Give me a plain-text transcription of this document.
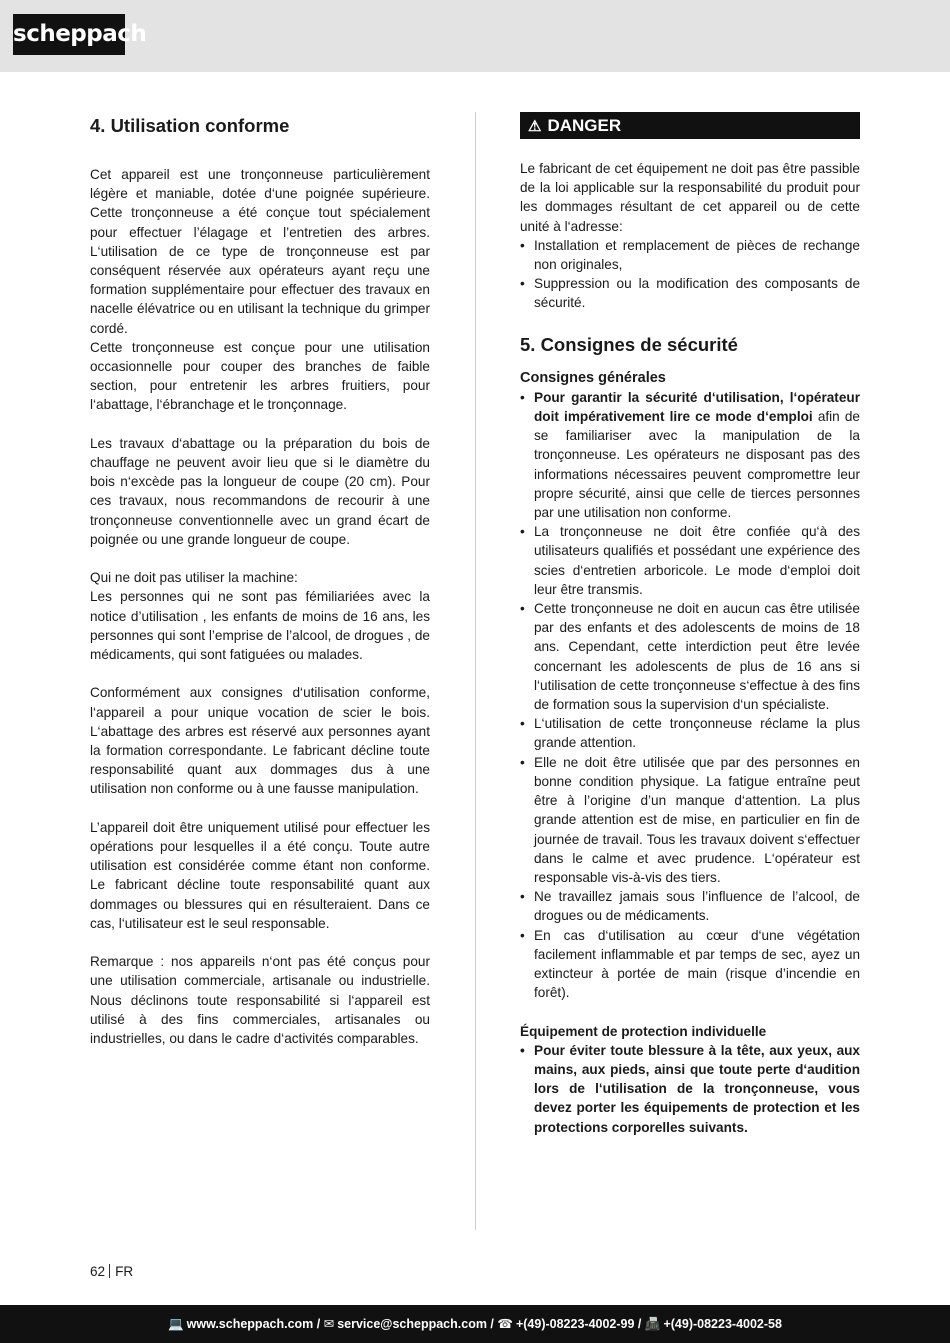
scheppach
4. Utilisation conforme

Cet appareil est une tronçonneuse particulièrement légère et maniable, dotée d‘une poignée supérieure. Cette tronçonneuse a été conçue tout spécialement pour effectuer l’élagage et l’entretien des arbres. L‘utilisation de ce type de tronçonneuse est par conséquent réservée aux opérateurs ayant reçu une formation supplémentaire pour effectuer des travaux en nacelle élévatrice ou en utilisant la technique du grimper cordé.

Cette tronçonneuse est conçue pour une utilisation occasionnelle pour couper des branches de faible section, pour entretenir les arbres fruitiers, pour l‘abattage, l‘ébranchage et le tronçonnage.

Les travaux d‘abattage ou la préparation du bois de chauffage ne peuvent avoir lieu que si le diamètre du bois n‘excède pas la longueur de coupe (20 cm). Pour ces travaux, nous recommandons de recourir à une tronçonneuse conventionnelle avec un grand écart de poignée ou une grande longueur de coupe.

Qui ne doit pas utiliser la machine:

Les personnes qui ne sont pas fémiliariées avec la notice d’utilisation , les enfants de moins de 16 ans, les personnes qui sont l’emprise de l’alcool, de drogues , de médicaments, qui sont fatiguées ou malades.

Conformément aux consignes d‘utilisation conforme, l‘appareil a pour unique vocation de scier le bois. L‘abattage des arbres est réservé aux personnes ayant la formation correspondante. Le fabricant décline toute responsabilité quant aux dommages dus à une utilisation non conforme ou à une fausse manipulation.

L’appareil doit être uniquement utilisé pour effectuer les opérations pour lesquelles il a été conçu. Toute autre utilisation est considérée comme étant non conforme. Le fabricant décline toute responsabilité quant aux dommages ou blessures qui en résulteraient. Dans ce cas, l‘utilisateur est le seul responsable.

Remarque : nos appareils n‘ont pas été conçus pour une utilisation commerciale, artisanale ou industrielle. Nous déclinons toute responsabilité si l‘appareil est utilisé à des fins commerciales, artisanales ou industrielles, ou dans le cadre d‘activités comparables.

⚠ DANGER

Le fabricant de cet équipement ne doit pas être passible de la loi applicable sur la responsabilité du produit pour les dommages résultant de cet appareil ou de cette unité à l‘adresse:

• Installation et remplacement de pièces de rechange non originales,
• Suppression ou la modification des composants de sécurité.
5. Consignes de sécurité
Consignes générales
• Pour garantir la sécurité d‘utilisation, l‘opérateur doit impérativement lire ce mode d‘emploi afin de se familiariser avec la manipulation de la tronçonneuse. Les opérateurs ne disposant pas des informations nécessaires peuvent compromettre leur propre sécurité, ainsi que celle de tierces personnes par une utilisation non conforme.
• La tronçonneuse ne doit être confiée qu‘à des utilisateurs qualifiés et possédant une expérience des scies d‘entretien arboricole. Le mode d‘emploi doit leur être transmis.
• Cette tronçonneuse ne doit en aucun cas être utilisée par des enfants et des adolescents de moins de 18 ans. Cependant, cette interdiction peut être levée concernant les adolescents de plus de 16 ans si l‘utilisation de cette tronçonneuse s‘effectue à des fins de formation sous la supervision d‘un spécialiste.
• L‘utilisation de cette tronçonneuse réclame la plus grande attention.
• Elle ne doit être utilisée que par des personnes en bonne condition physique. La fatigue entraîne peut être à l’origine d’un manque d‘attention. La plus grande attention est de mise, en particulier en fin de journée de travail. Tous les travaux doivent s‘effectuer dans le calme et avec prudence. L‘opérateur est responsable vis-à-vis des tiers.
• Ne travaillez jamais sous l’influence de l’alcool, de drogues ou de médicaments.
• En cas d‘utilisation au cœur d‘une végétation facilement inflammable et par temps de sec, ayez un extincteur à portée de main (risque d’incendie en forêt).
Équipement de protection individuelle
• Pour éviter toute blessure à la tête, aux yeux, aux mains, aux pieds, ainsi que toute perte d‘audition lors de l‘utilisation de la tronçonneuse, vous devez porter les équipements de protection et les protections corporelles suivants.
62 FR
💻 www.scheppach.com / ✉ service@scheppach.com / ☎ +(49)-08223-4002-99 / 📠 +(49)-08223-4002-58
